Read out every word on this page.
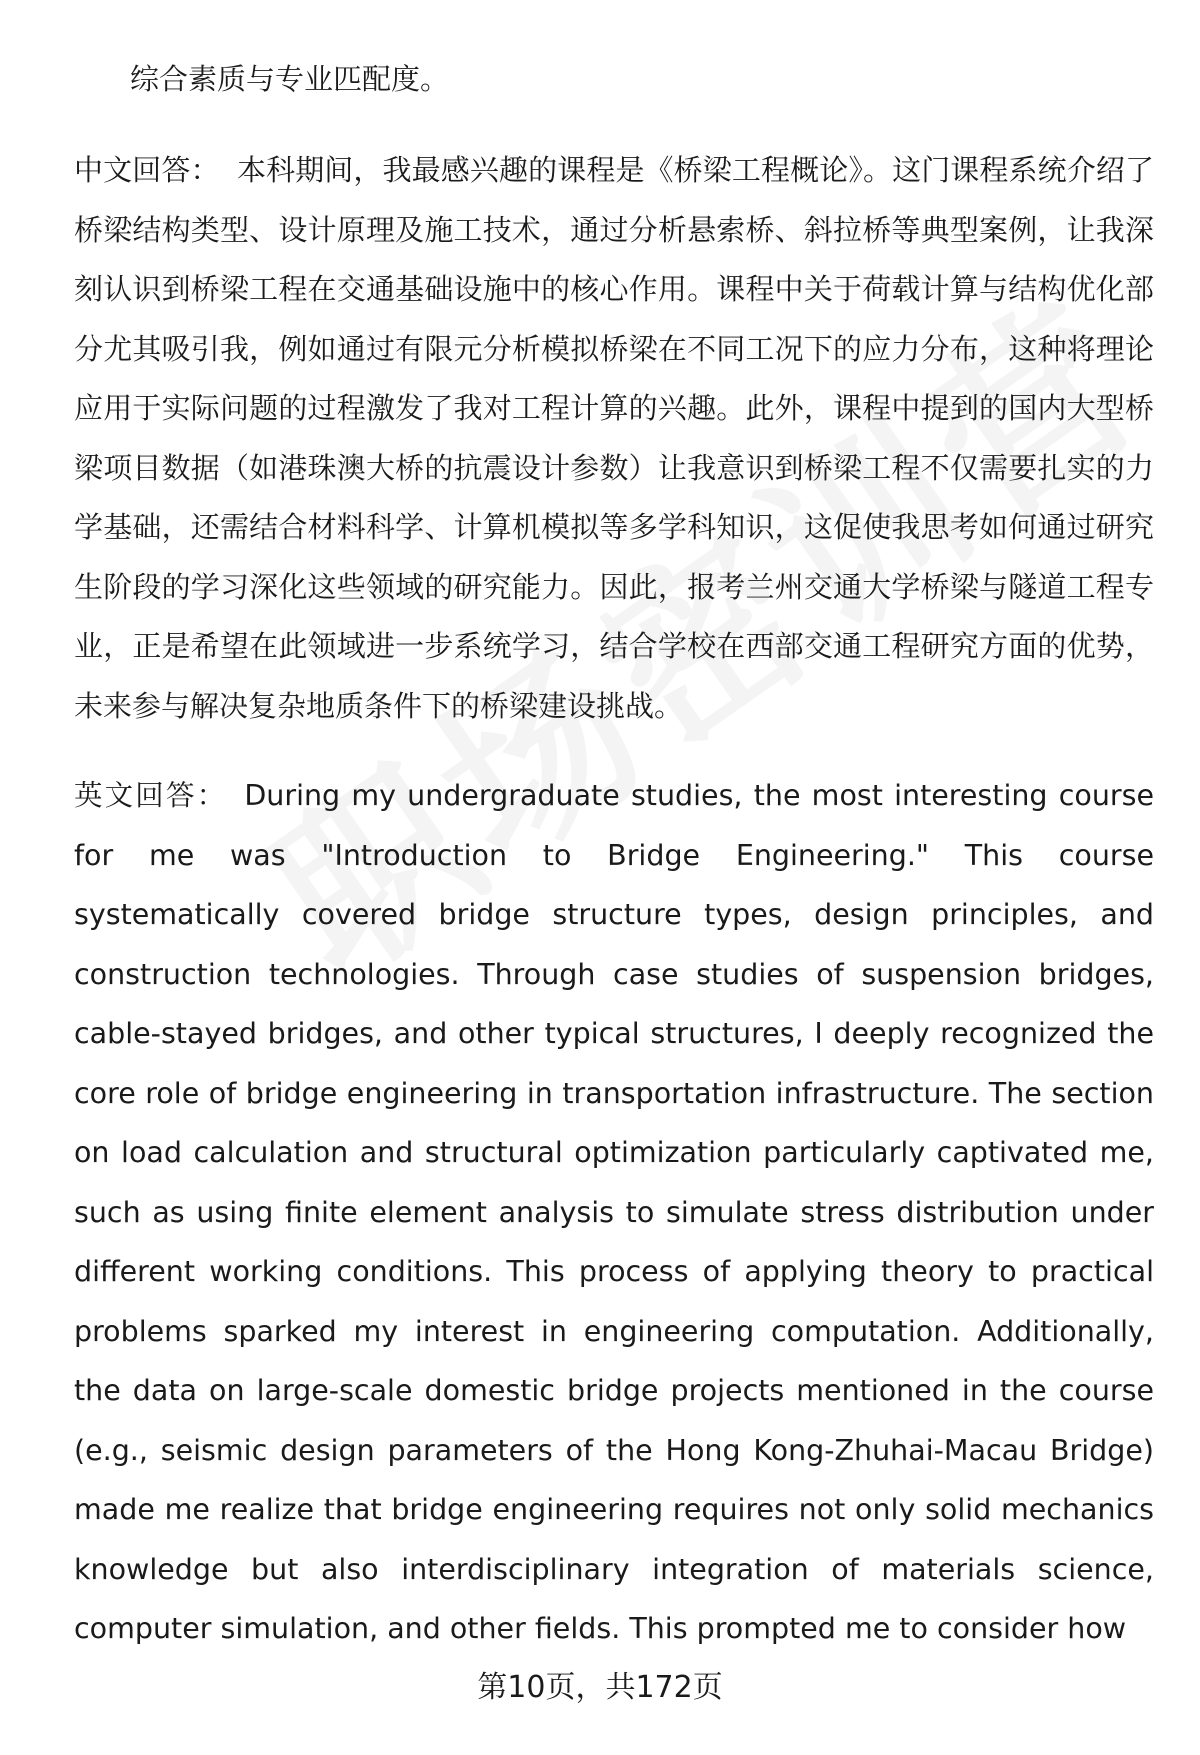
综合素质与专业匹配度。

中文回答： 本科期间，我最感兴趣的课程是《桥梁工程概论》。这门课程系统介绍了桥梁结构类型、设计原理及施工技术，通过分析悬索桥、斜拉桥等典型案例，让我深刻认识到桥梁工程在交通基础设施中的核心作用。课程中关于荷载计算与结构优化部分尤其吸引我，例如通过有限元分析模拟桥梁在不同工况下的应力分布，这种将理论应用于实际问题的过程激发了我对工程计算的兴趣。此外，课程中提到的国内大型桥梁项目数据（如港珠澳大桥的抗震设计参数）让我意识到桥梁工程不仅需要扎实的力学基础，还需结合材料科学、计算机模拟等多学科知识，这促使我思考如何通过研究生阶段的学习深化这些领域的研究能力。因此，报考兰州交通大学桥梁与隧道工程专业，正是希望在此领域进一步系统学习，结合学校在西部交通工程研究方面的优势，未来参与解决复杂地质条件下的桥梁建设挑战。

英文回答： During my undergraduate studies, the most interesting course for me was "Introduction to Bridge Engineering." This course systematically covered bridge structure types, design principles, and construction technologies. Through case studies of suspension bridges, cable-stayed bridges, and other typical structures, I deeply recognized the core role of bridge engineering in transportation infrastructure. The section on load calculation and structural optimization particularly captivated me, such as using finite element analysis to simulate stress distribution under different working conditions. This process of applying theory to practical problems sparked my interest in engineering computation. Additionally, the data on large-scale domestic bridge projects mentioned in the course (e.g., seismic design parameters of the Hong Kong-Zhuhai-Macau Bridge) made me realize that bridge engineering requires not only solid mechanics knowledge but also interdisciplinary integration of materials science, computer simulation, and other fields. This prompted me to consider how

第10页，共172页
